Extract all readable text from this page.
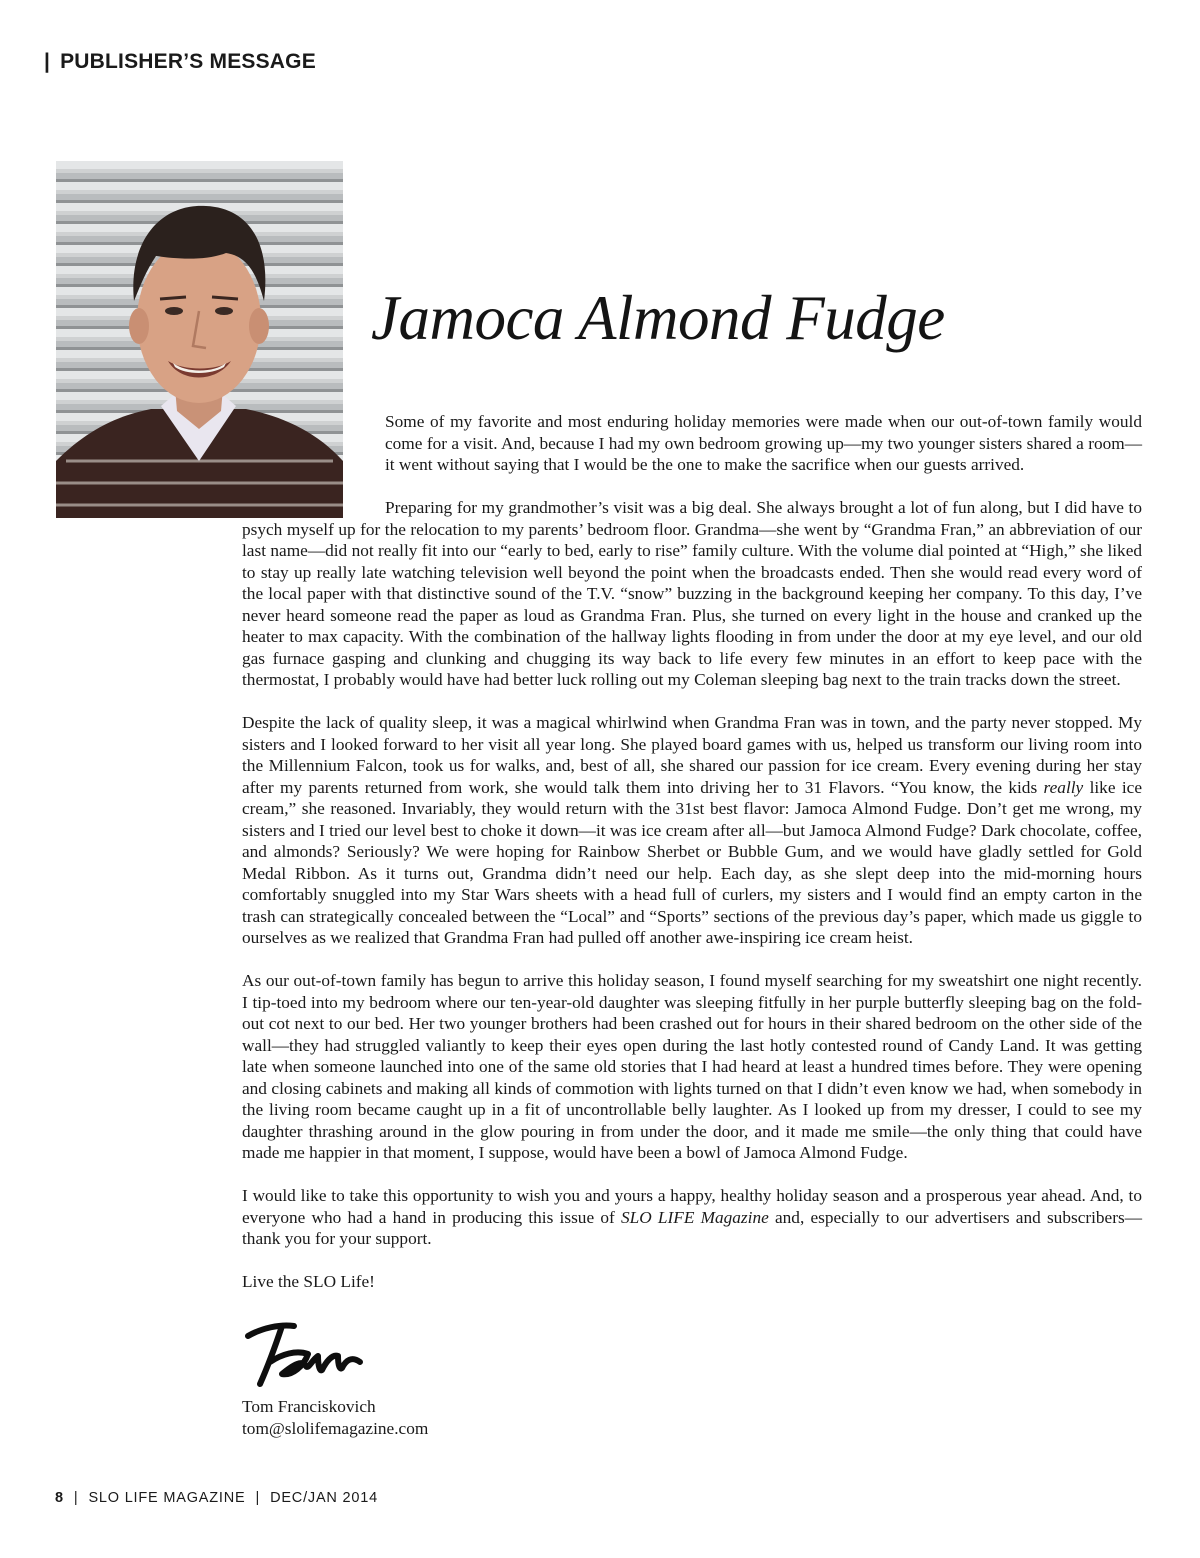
| PUBLISHER’S MESSAGE
Jamoca Almond Fudge

Some of my favorite and most enduring holiday memories were made when our out-of-town family would come for a visit. And, because I had my own bedroom growing up—my two younger sisters shared a room—it went without saying that I would be the one to make the sacrifice when our guests arrived.

Preparing for my grandmother’s visit was a big deal. She always brought a lot of fun along, but I did have to psych myself up for the relocation to my parents’ bedroom floor. Grandma—she went by “Grandma Fran,” an abbreviation of our last name—did not really fit into our “early to bed, early to rise” family culture. With the volume dial pointed at “High,” she liked to stay up really late watching television well beyond the point when the broadcasts ended. Then she would read every word of the local paper with that distinctive sound of the T.V. “snow” buzzing in the background keeping her company. To this day, I’ve never heard someone read the paper as loud as Grandma Fran. Plus, she turned on every light in the house and cranked up the heater to max capacity. With the combination of the hallway lights flooding in from under the door at my eye level, and our old gas furnace gasping and clunking and chugging its way back to life every few minutes in an effort to keep pace with the thermostat, I probably would have had better luck rolling out my Coleman sleeping bag next to the train tracks down the street.

Despite the lack of quality sleep, it was a magical whirlwind when Grandma Fran was in town, and the party never stopped. My sisters and I looked forward to her visit all year long. She played board games with us, helped us transform our living room into the Millennium Falcon, took us for walks, and, best of all, she shared our passion for ice cream. Every evening during her stay after my parents returned from work, she would talk them into driving her to 31 Flavors. “You know, the kids really like ice cream,” she reasoned. Invariably, they would return with the 31st best flavor: Jamoca Almond Fudge. Don’t get me wrong, my sisters and I tried our level best to choke it down—it was ice cream after all—but Jamoca Almond Fudge? Dark chocolate, coffee, and almonds? Seriously? We were hoping for Rainbow Sherbet or Bubble Gum, and we would have gladly settled for Gold Medal Ribbon. As it turns out, Grandma didn’t need our help. Each day, as she slept deep into the mid-morning hours comfortably snuggled into my Star Wars sheets with a head full of curlers, my sisters and I would find an empty carton in the trash can strategically concealed between the “Local” and “Sports” sections of the previous day’s paper, which made us giggle to ourselves as we realized that Grandma Fran had pulled off another awe-inspiring ice cream heist.

As our out-of-town family has begun to arrive this holiday season, I found myself searching for my sweatshirt one night recently. I tip-toed into my bedroom where our ten-year-old daughter was sleeping fitfully in her purple butterfly sleeping bag on the fold-out cot next to our bed. Her two younger brothers had been crashed out for hours in their shared bedroom on the other side of the wall—they had struggled valiantly to keep their eyes open during the last hotly contested round of Candy Land. It was getting late when someone launched into one of the same old stories that I had heard at least a hundred times before. They were opening and closing cabinets and making all kinds of commotion with lights turned on that I didn’t even know we had, when somebody in the living room became caught up in a fit of uncontrollable belly laughter. As I looked up from my dresser, I could to see my daughter thrashing around in the glow pouring in from under the door, and it made me smile—the only thing that could have made me happier in that moment, I suppose, would have been a bowl of Jamoca Almond Fudge.

I would like to take this opportunity to wish you and yours a happy, healthy holiday season and a prosperous year ahead. And, to everyone who had a hand in producing this issue of SLO LIFE Magazine and, especially to our advertisers and subscribers—thank you for your support.

Live the SLO Life!

Tom Franciskovich
tom@slolifemagazine.com
8 | SLO LIFE MAGAZINE | DEC/JAN 2014
